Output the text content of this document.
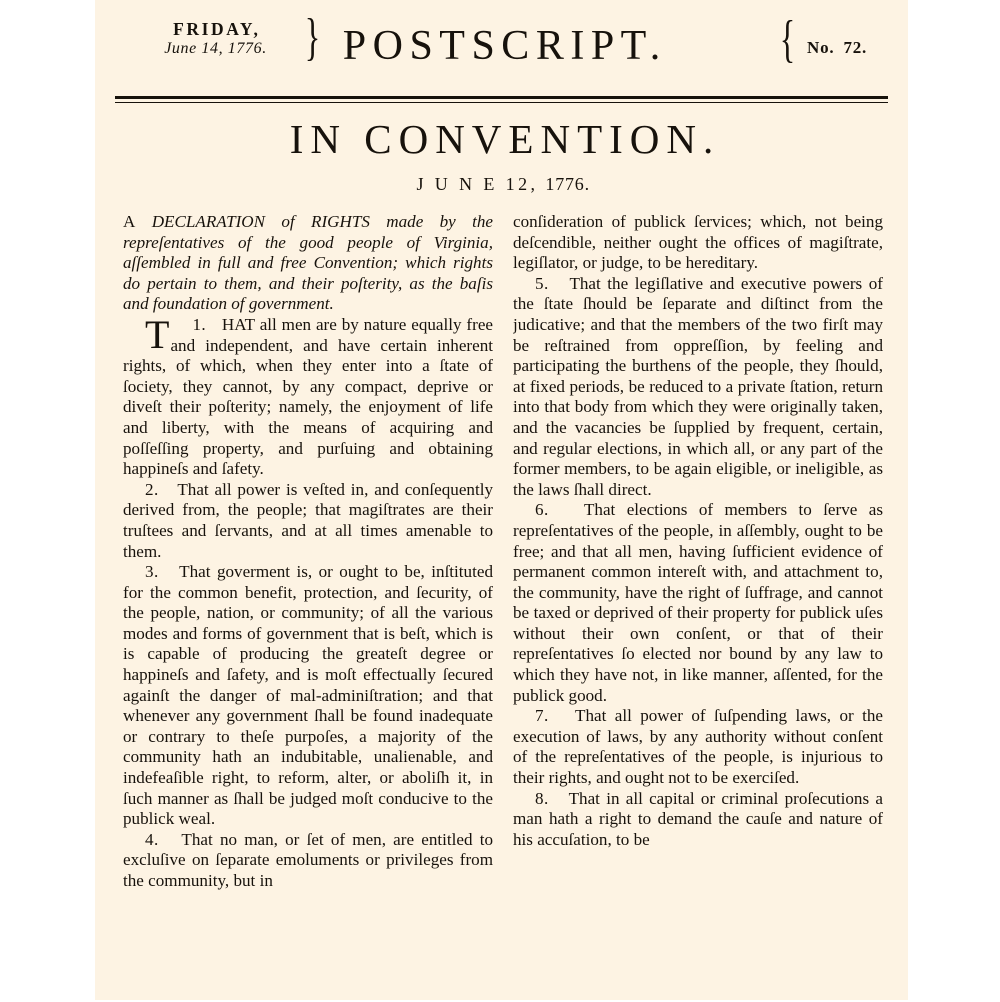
FRIDAY,
June 14, 1776. } POSTSCRIPT.	{ No. 72.
IN CONVENTION.
J U N E 12, 1776.

A DECLARATION of RIGHTS made by the repreſentatives of the good people of Virginia, aſſembled in full and free Convention; which rights do pertain to them, and their poſterity, as the baſis and foundation of government.

1.
T	HAT all men are by nature equally free and independent, and have certain inherent rights, of which, when they enter into a ſtate of ſociety, they cannot, by any compact, deprive or diveſt their poſterity; namely, the enjoyment of life and liberty, with the means of acquiring and poſſeſſing property, and purſuing and obtaining happineſs and ſafety.

2. That all power is veſted in, and conſequently derived from, the people; that magiſtrates are their truſtees and ſervants, and at all times amenable to them.

3. That goverment is, or ought to be, inſtituted for the common benefit, protection, and ſecurity, of the people, nation, or community; of all the various modes and forms of government that is beſt, which is is capable of producing the greateſt degree or happineſs and ſafety, and is moſt effectually ſecured againſt the danger of mal-adminiſtration; and that whenever any government ſhall be found inadequate or contrary to theſe purpoſes, a majority of the community hath an indubitable, unalienable, and indefeaſible right, to reform, alter, or aboliſh it, in ſuch manner as ſhall be judged moſt conducive to the publick weal.

4. That no man, or ſet of men, are entitled to excluſive on ſeparate emoluments or privileges from the community, but in

conſideration of publick ſervices; which, not being deſcendible, neither ought the offices of magiſtrate, legiſlator, or judge, to be hereditary.

5. That the legiſlative and executive powers of the ſtate ſhould be ſeparate and diſtinct from the judicative; and that the members of the two firſt may be reſtrained from oppreſſion, by feeling and participating the burthens of the people, they ſhould, at fixed periods, be reduced to a private ſtation, return into that body from which they were originally taken, and the vacancies be ſupplied by frequent, certain, and regular elections, in which all, or any part of the former members, to be again eligible, or ineligible, as the laws ſhall direct.

6. That elections of members to ſerve as repreſentatives of the people, in aſſembly, ought to be free; and that all men, having ſufficient evidence of permanent common intereſt with, and attachment to, the community, have the right of ſuffrage, and cannot be taxed or deprived of their property for publick uſes without their own conſent, or that of their repreſentatives ſo elected nor bound by any law to which they have not, in like manner, aſſented, for the publick good.

7. That all power of ſuſpending laws, or the execution of laws, by any authority without conſent of the repreſentatives of the people, is injurious to their rights, and ought not to be exerciſed.

8. That in all capital or criminal proſecutions a man hath a right to demand the cauſe and nature of his accuſation, to be
